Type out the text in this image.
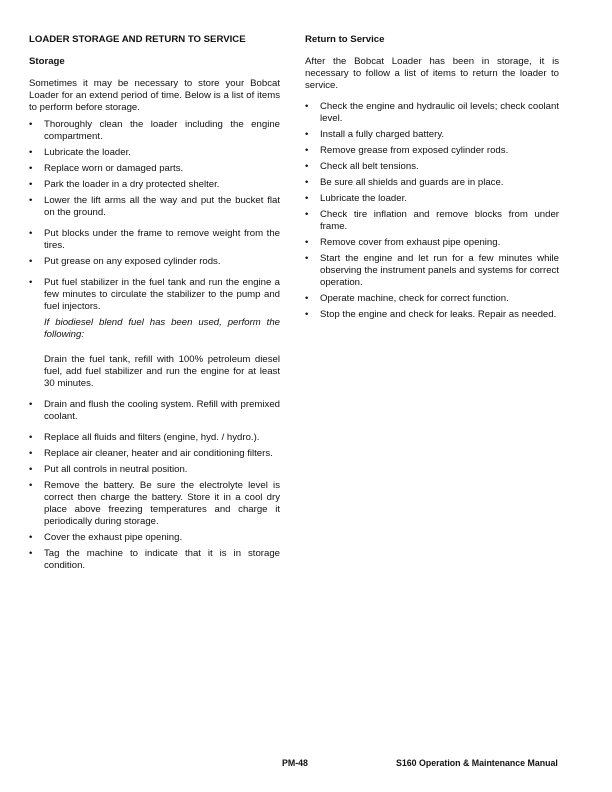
LOADER STORAGE AND RETURN TO SERVICE
Storage

Sometimes it may be necessary to store your Bobcat Loader for an extend period of time. Below is a list of items to perform before storage.

• Thoroughly clean the loader including the engine compartment.
• Lubricate the loader.
• Replace worn or damaged parts.
• Park the loader in a dry protected shelter.
• Lower the lift arms all the way and put the bucket flat on the ground.
• Put blocks under the frame to remove weight from the tires.
• Put grease on any exposed cylinder rods.
• Put fuel stabilizer in the fuel tank and run the engine a few minutes to circulate the stabilizer to the pump and fuel injectors.
If biodiesel blend fuel has been used, perform the following:
Drain the fuel tank, refill with 100% petroleum diesel fuel, add fuel stabilizer and run the engine for at least 30 minutes.
• Drain and flush the cooling system. Refill with premixed coolant.
• Replace all fluids and filters (engine, hyd. / hydro.).
• Replace air cleaner, heater and air conditioning filters.
• Put all controls in neutral position.
• Remove the battery. Be sure the electrolyte level is correct then charge the battery. Store it in a cool dry place above freezing temperatures and charge it periodically during storage.
• Cover the exhaust pipe opening.
• Tag the machine to indicate that it is in storage condition.
Return to Service

After the Bobcat Loader has been in storage, it is necessary to follow a list of items to return the loader to service.

• Check the engine and hydraulic oil levels; check coolant level.
• Install a fully charged battery.
• Remove grease from exposed cylinder rods.
• Check all belt tensions.
• Be sure all shields and guards are in place.
• Lubricate the loader.
• Check tire inflation and remove blocks from under frame.
• Remove cover from exhaust pipe opening.
• Start the engine and let run for a few minutes while observing the instrument panels and systems for correct operation.
• Operate machine, check for correct function.
• Stop the engine and check for leaks. Repair as needed.
PM-48	S160 Operation & Maintenance Manual
